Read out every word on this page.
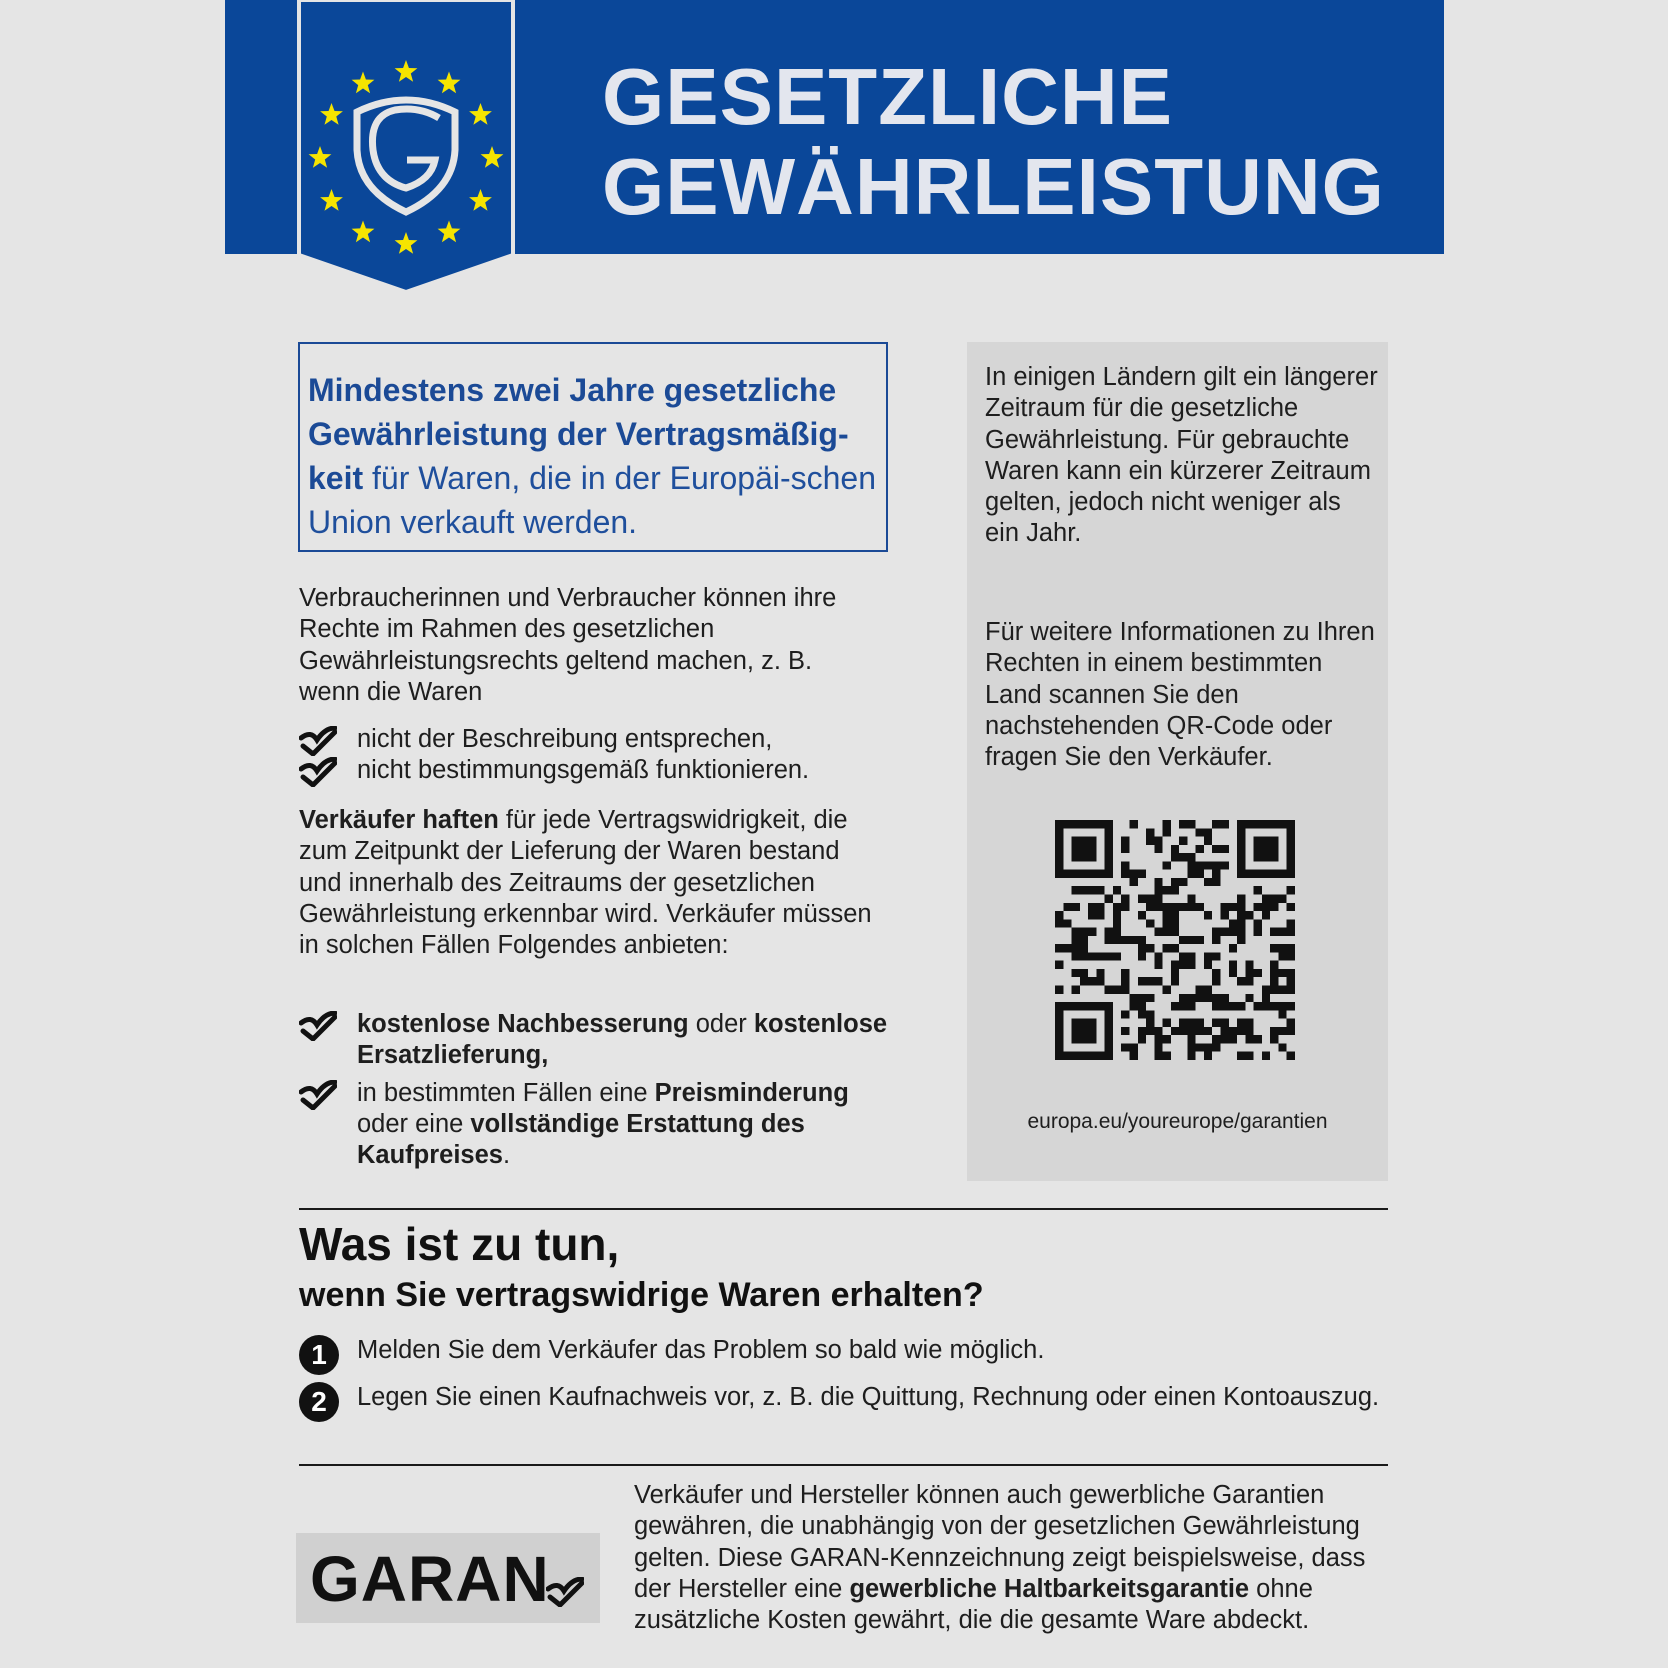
GESETZLICHE
GEWÄHRLEISTUNG
Mindestens zwei Jahre gesetzliche Gewährleistung der Vertragsmäßig-keit für Waren, die in der Europäi-schen Union verkauft werden.

Verbraucherinnen und Verbraucher können ihre Rechte im Rahmen des gesetzlichen Gewährleistungsrechts geltend machen, z. B. wenn die Waren

nicht der Beschreibung entsprechen,
nicht bestimmungsgemäß funktionieren.

Verkäufer haften für jede Vertragswidrigkeit, die zum Zeitpunkt der Lieferung der Waren bestand und innerhalb des Zeitraums der gesetzlichen Gewährleistung erkennbar wird. Verkäufer müssen in solchen Fällen Folgendes anbieten:

kostenlose Nachbesserung oder kostenlose Ersatzlieferung,
in bestimmten Fällen eine Preisminderung oder eine vollständige Erstattung des Kaufpreises.

In einigen Ländern gilt ein längerer Zeitraum für die gesetzliche Gewährleistung. Für gebrauchte Waren kann ein kürzerer Zeitraum gelten, jedoch nicht weniger als ein Jahr.

Für weitere Informationen zu Ihren Rechten in einem bestimmten Land scannen Sie den nachstehenden QR-Code oder fragen Sie den Verkäufer.

europa.eu/youreurope/garantien
Was ist zu tun,
wenn Sie vertragswidrige Waren erhalten?
1	Melden Sie dem Verkäufer das Problem so bald wie möglich.
2	Legen Sie einen Kaufnachweis vor, z. B. die Quittung, Rechnung oder einen Kontoauszug.
GARAN

Verkäufer und Hersteller können auch gewerbliche Garantien gewähren, die unabhängig von der gesetzlichen Gewährleistung gelten. Diese GARAN-Kennzeichnung zeigt beispielsweise, dass der Hersteller eine gewerbliche Haltbarkeitsgarantie ohne zusätzliche Kosten gewährt, die die gesamte Ware abdeckt.
